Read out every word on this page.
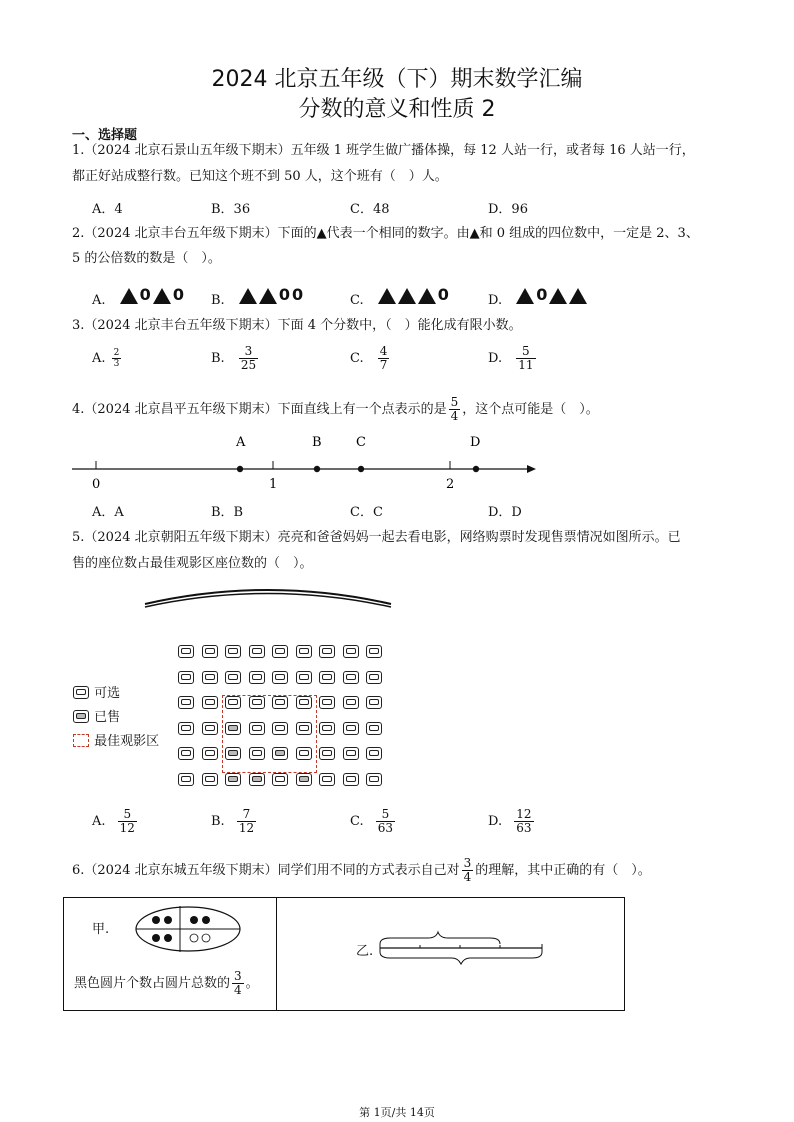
2024 北京五年级（下）期末数学汇编
分数的意义和性质 2
一、选择题
1.（2024 北京石景山五年级下期末）五年级 1 班学生做广播体操，每 12 人站一行，或者每 16 人站一行，
都正好站成整行数。已知这个班不到 50 人，这个班有（　）人。
A．4	B．36	C．48	D．96
2.（2024 北京丰台五年级下期末）下面的▲代表一个相同的数字。由▲和 0 组成的四位数中，一定是 2、3、
5 的公倍数的数是（　）。
A. 0 0 B.	0 0	C.	0	D. 0
3.（2024 北京丰台五年级下期末）下面 4 个分数中，（　）能化成有限小数。
A. $\frac{2}{3}$	B. $\frac{3}{25}$	C. $\frac{4}{7}$	D. $\frac{5}{11}$
4.（2024 北京昌平五年级下期末）下面直线上有一个点表示的是 $\frac{5}{4}$ ，这个点可能是（　）。
A	B	C	D
0	1	2
A．A	B．B	C．C	D．D
5.（2024 北京朝阳五年级下期末）亮亮和爸爸妈妈一起去看电影，网络购票时发现售票情况如图所示。已
售的座位数占最佳观影区座位数的（　）。
可选
已售
最佳观影区
A. $\frac{5}{12}$	B. $\frac{7}{12}$	C. $\frac{5}{63}$	D. $\frac{12}{63}$
6.（2024 北京东城五年级下期末）同学们用不同的方式表示自己对 $\frac{3}{4}$ 的理解，其中正确的有（　）。
甲.
黑色圆片个数占圆片总数的 $\frac{3}{4}$ 。
乙.
第 1页/共 14页
